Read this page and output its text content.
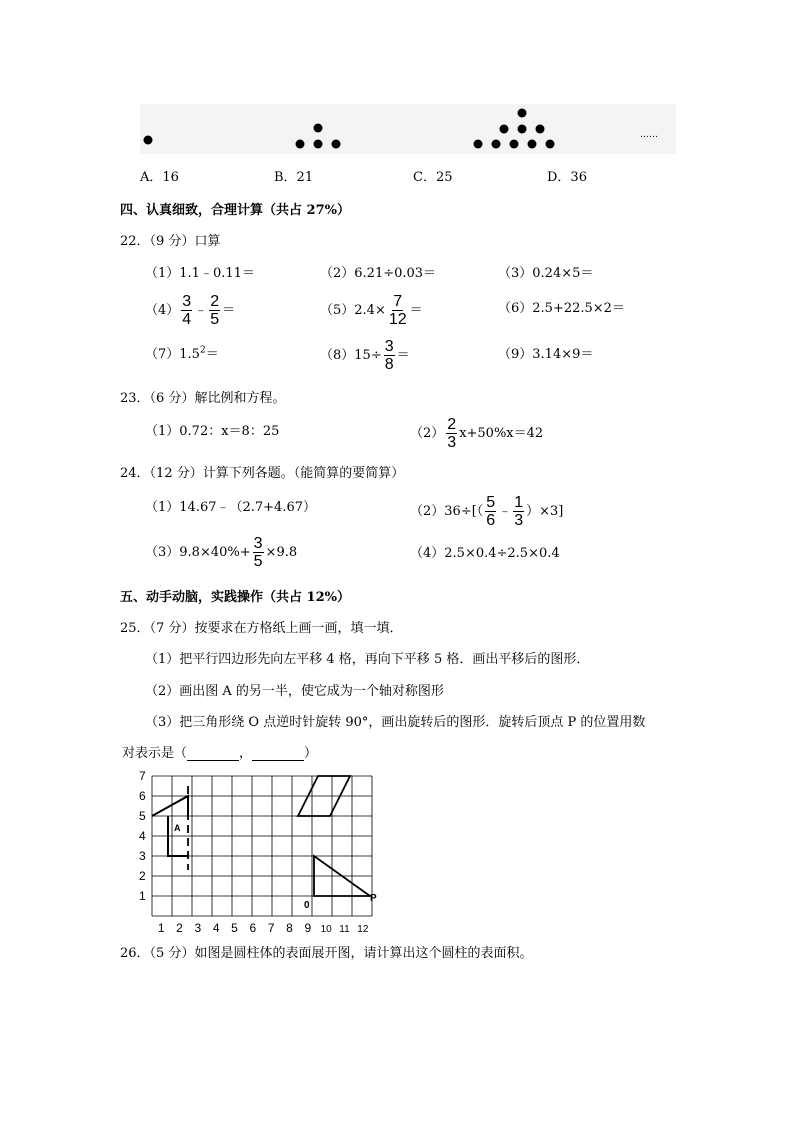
……
A．16	B．21	C．25	D．36
四、认真细致，合理计算（共占 27%）
22．（9 分）口算
（1）1.1﹣0.11＝	（2）6.21÷0.03＝	（3）0.24×5＝
$(4) \frac{3}{4}$ ﹣ $\frac{2}{5}$ ＝	$(5)2.4\times \frac{7}{12}$ ＝	（6）2.5+22.5×2＝
$(7)1.5^2=$	$(8)15\div \frac{3}{8}$ ＝	（9）3.14×9＝
23．（6 分）解比例和方程。
（1）0.72：x＝8：25	$(2) \frac{2}{3} x+50\%x=42$
24．（12 分）计算下列各题。（能简算的要简算）
（1）14.67﹣（2.7+4.67）	$(2)36\div[( \frac{5}{6}$ ﹣ $\frac{1}{3} )\times 3$]
$(3)9.8\times 40\%+ \frac{3}{5} \times 9.8$	（4）2.5×0.4÷2.5×0.4
五、动手动脑，实践操作（共占 12%）
25．（7 分）按要求在方格纸上画一画，填一填．
（1）把平行四边形先向左平移 4 格，再向下平移 5 格．画出平移后的图形．
（2）画出图 A 的另一半，使它成为一个轴对称图形
（3）把三角形绕 O 点逆时针旋转 90°，画出旋转后的图形．旋转后顶点 P 的位置用数
对表示是（	，	）
7
6
5
4
3
2
1
1 2 3 4 5 6 7 8 9 10 11 12
A
0
P
26．（5 分）如图是圆柱体的表面展开图，请计算出这个圆柱的表面积。
